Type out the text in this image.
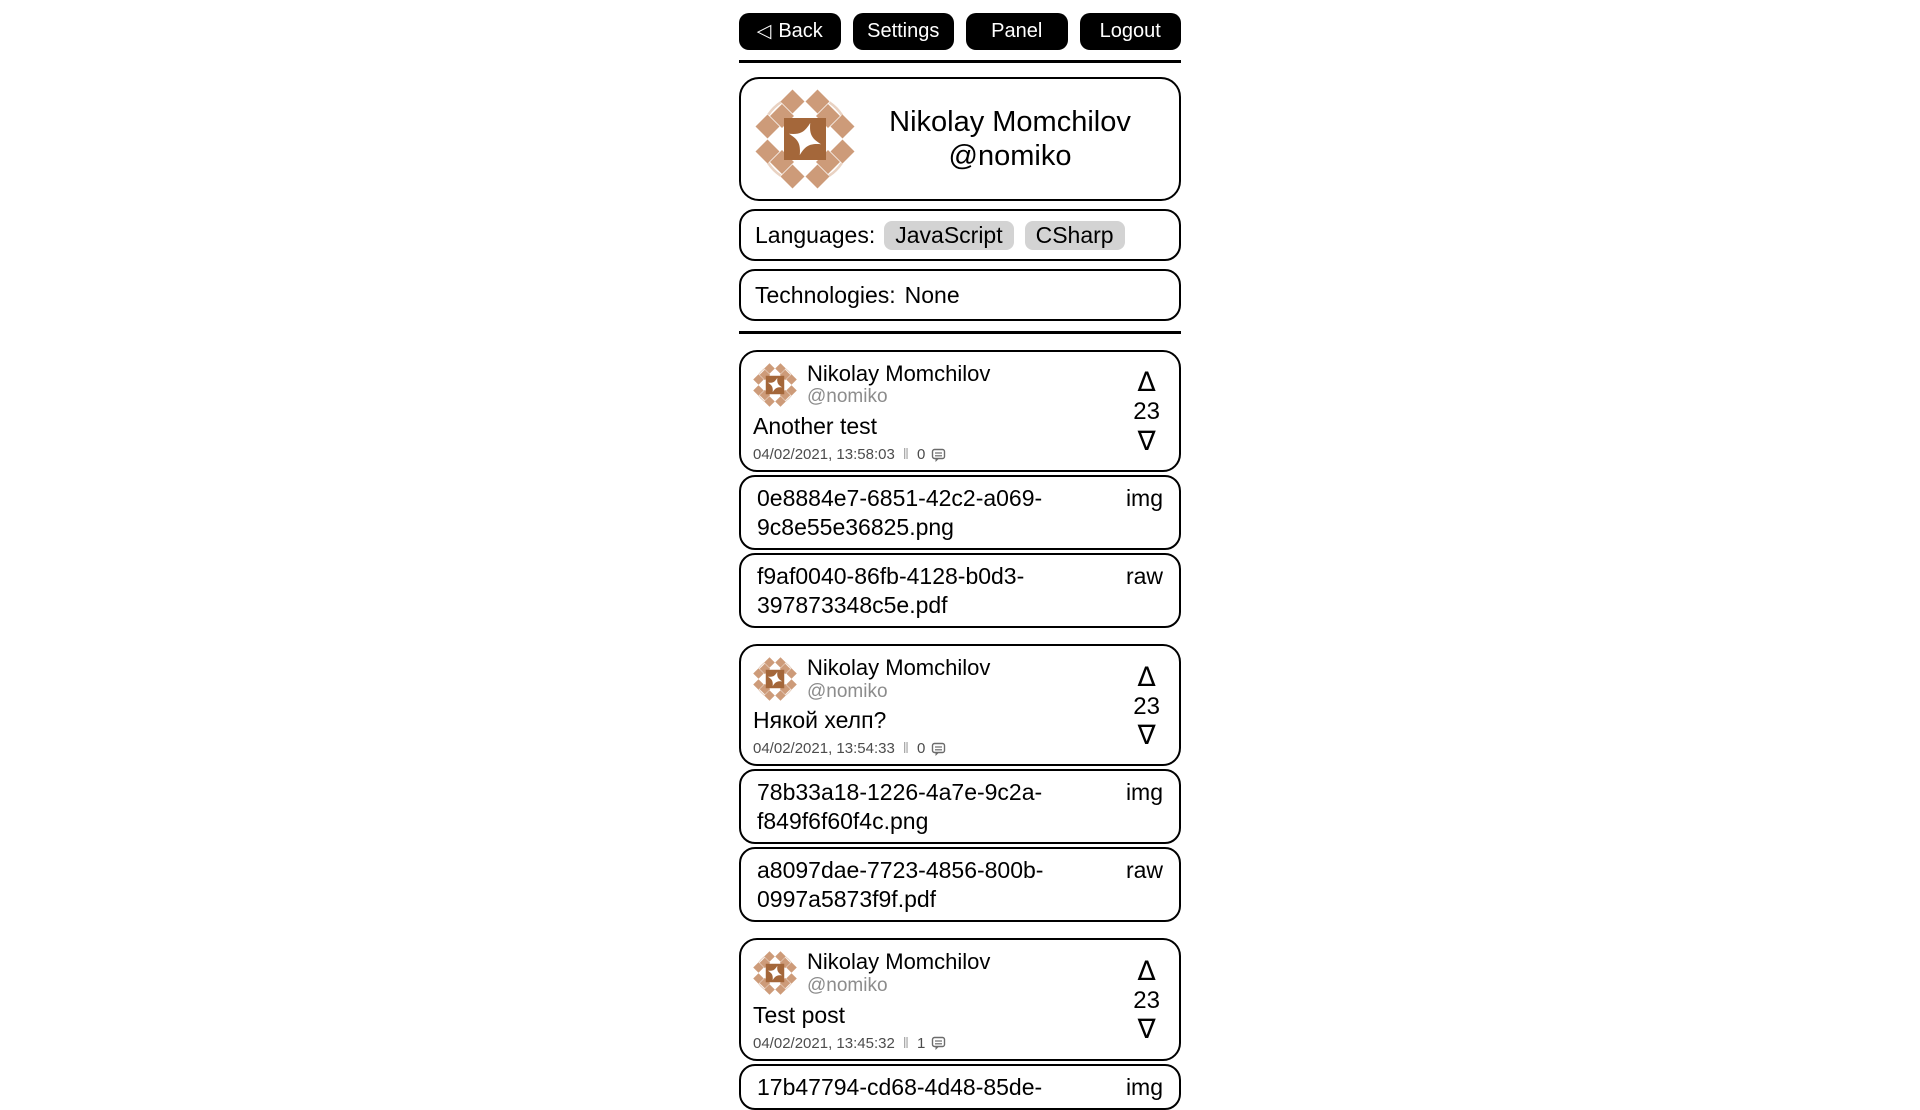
◁ Back Settings	Panel	Logout
Nikolay Momchilov
@nomiko
Languages: JavaScript	CSharp
Technologies: None
Nikolay Momchilov
@nomiko
Another test
04/02/2021, 13:58:03 ‖ 0
Δ
23
∇
0e8884e7-6851-42c2-a069-9c8e55e36825.png
img
f9af0040-86fb-4128-b0d3-397873348c5e.pdf
raw
Nikolay Momchilov
@nomiko
Някой хелп?
04/02/2021, 13:54:33 ‖ 0
Δ
23
∇
78b33a18-1226-4a7e-9c2a-f849f6f60f4c.png
img
a8097dae-7723-4856-800b-0997a5873f9f.pdf
raw
Nikolay Momchilov
@nomiko
Test post
04/02/2021, 13:45:32 ‖ 1
Δ
23
∇
17b47794-cd68-4d48-85de-	img
